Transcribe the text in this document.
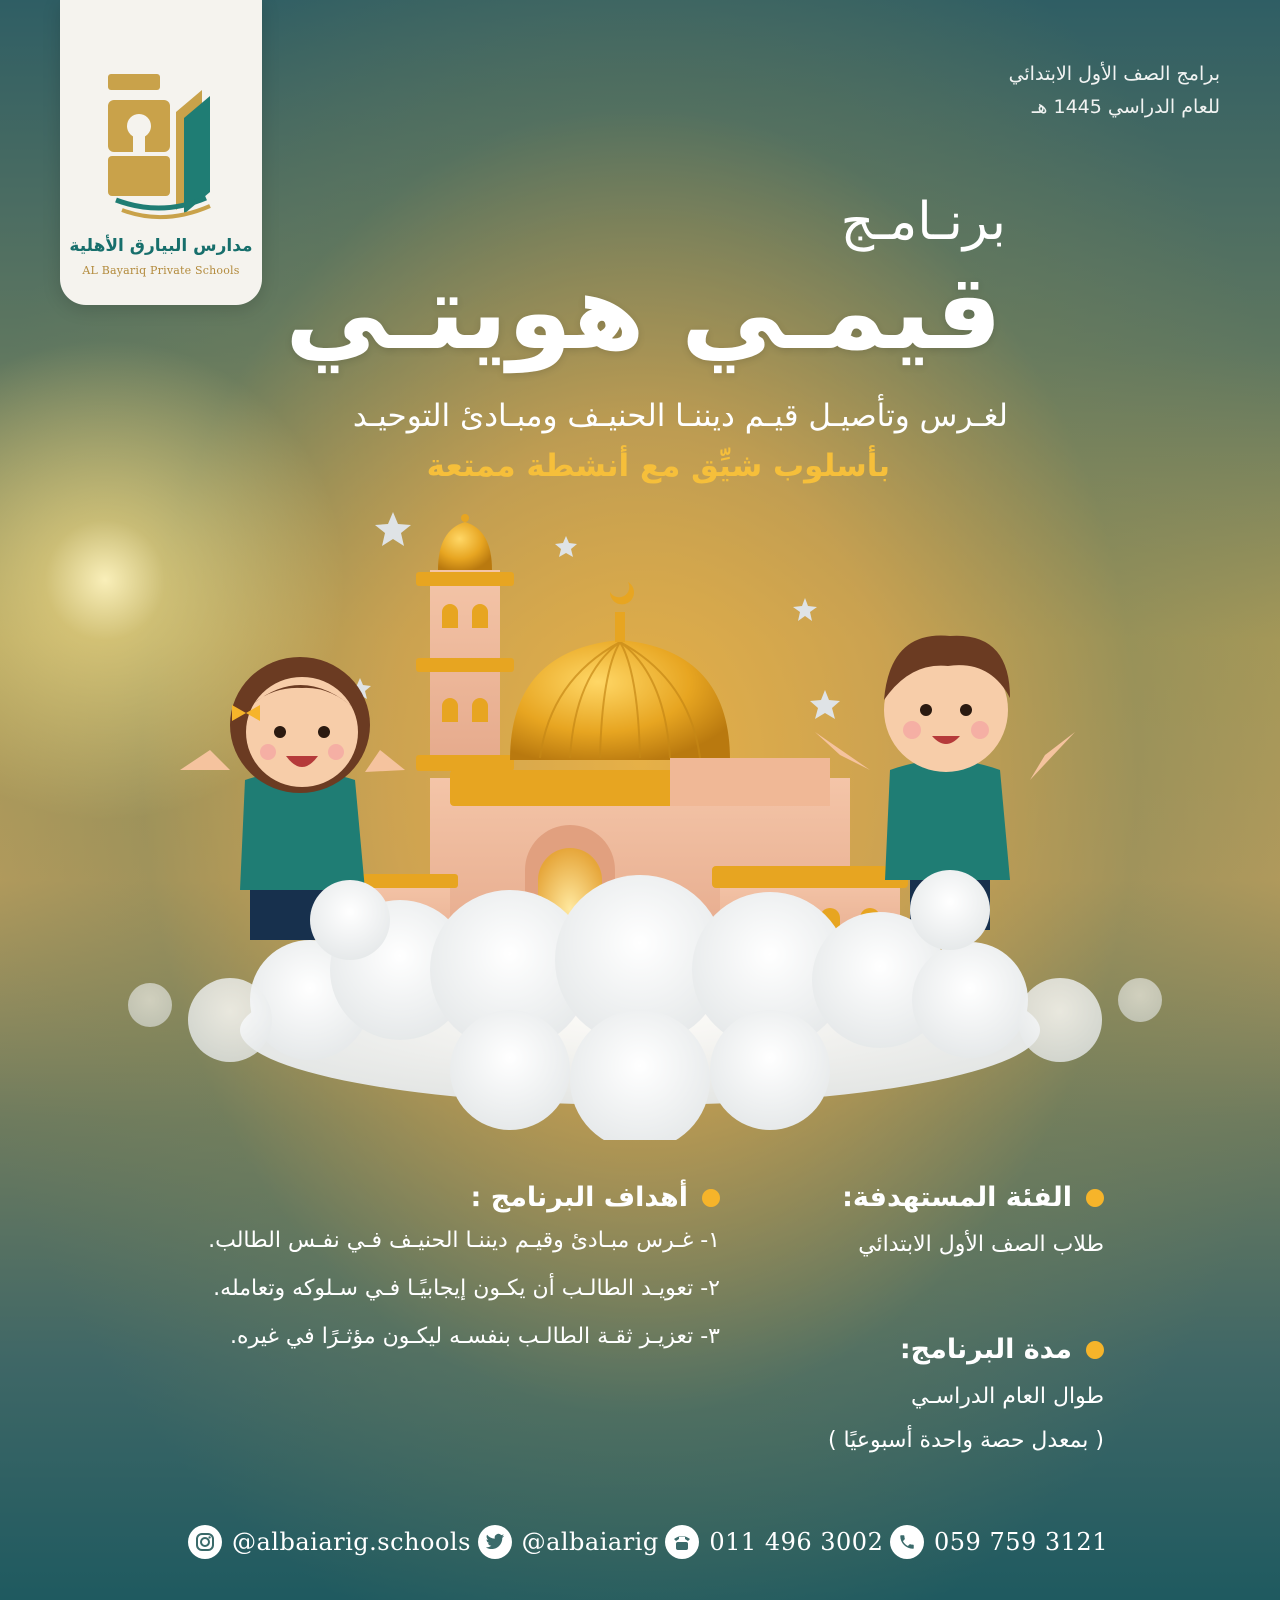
مدارس البيارق الأهلية
AL Bayariq Private Schools
برامج الصف الأول الابتدائي
للعام الدراسي 1445 هـ
برنـامـج
قيمـي هويتـي
لغـرس وتأصيـل قيـم ديننـا الحنيـف ومبـادئ التوحيـد
بأسلوب شيِّق مع أنشطة ممتعة
الفئة المستهدفة:
طلاب الصف الأول الابتدائي
مدة البرنامج:
طوال العام الدراسـي
( بمعدل حصة واحدة أسبوعيًا )
أهداف البرنامج :
١- غـرس مبـادئ وقيـم ديننـا الحنيـف فـي نفـس الطالب.
٢- تعويـد الطالـب أن يكـون إيجابيًـا فـي سـلوكه وتعامله.
٣- تعزيـز ثقـة الطالـب بنفسـه ليكـون مؤثـرًا في غيره.
@albaiarig.schools @albaiarig 011 496 3002 059 759 3121
